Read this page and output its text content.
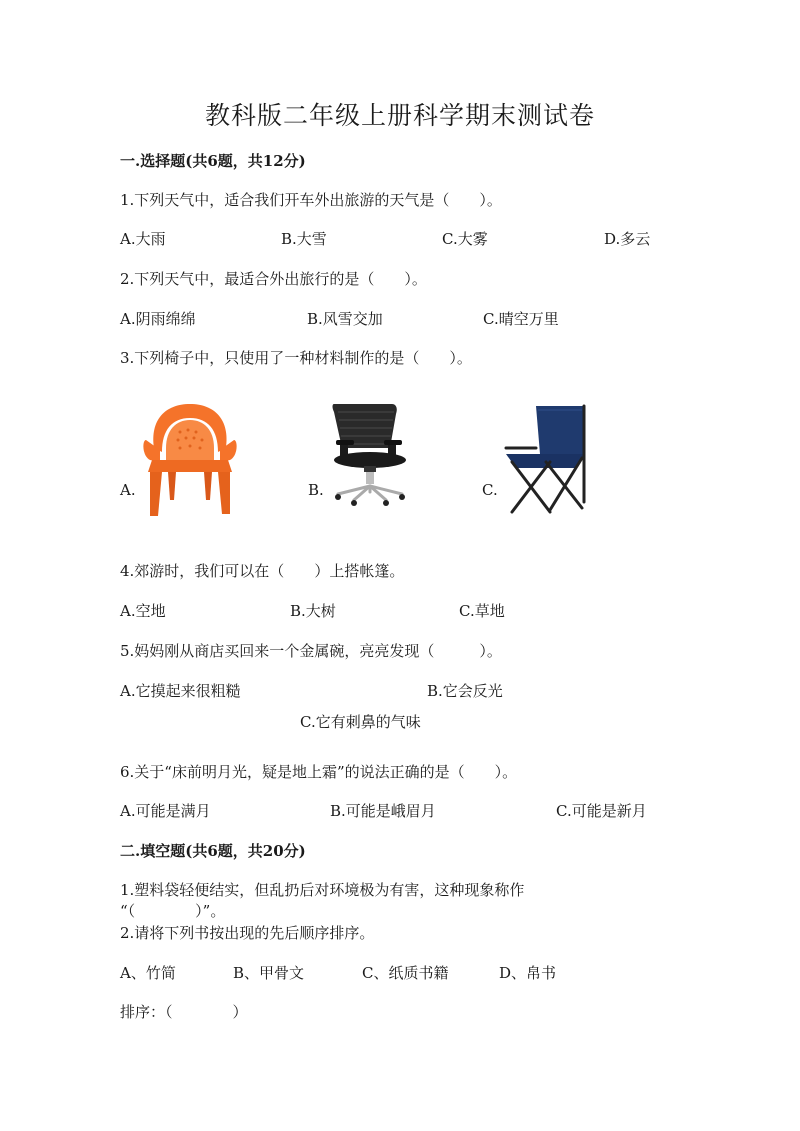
教科版二年级上册科学期末测试卷
一.选择题(共6题，共12分)
1.下列天气中，适合我们开车外出旅游的天气是（　　）。
A.大雨	B.大雪	C.大雾	D.多云
2.下列天气中，最适合外出旅行的是（　　）。
A.阴雨绵绵	B.风雪交加	C.晴空万里
3.下列椅子中，只使用了一种材料制作的是（　　）。
A.	B.	C.
4.郊游时，我们可以在（　　）上搭帐篷。
A.空地	B.大树	C.草地
5.妈妈刚从商店买回来一个金属碗，亮亮发现（　　　）。
A.它摸起来很粗糙	B.它会反光
C.它有刺鼻的气味
6.关于“床前明月光，疑是地上霜”的说法正确的是（　　）。
A.可能是满月	B.可能是峨眉月	C.可能是新月
二.填空题(共6题，共20分)
1.塑料袋轻便结实，但乱扔后对环境极为有害，这种现象称作
“（　　　　）”。
2.请将下列书按出现的先后顺序排序。
A、竹简	B、甲骨文	C、纸质书籍	D、帛书
排序：（　　　　）
